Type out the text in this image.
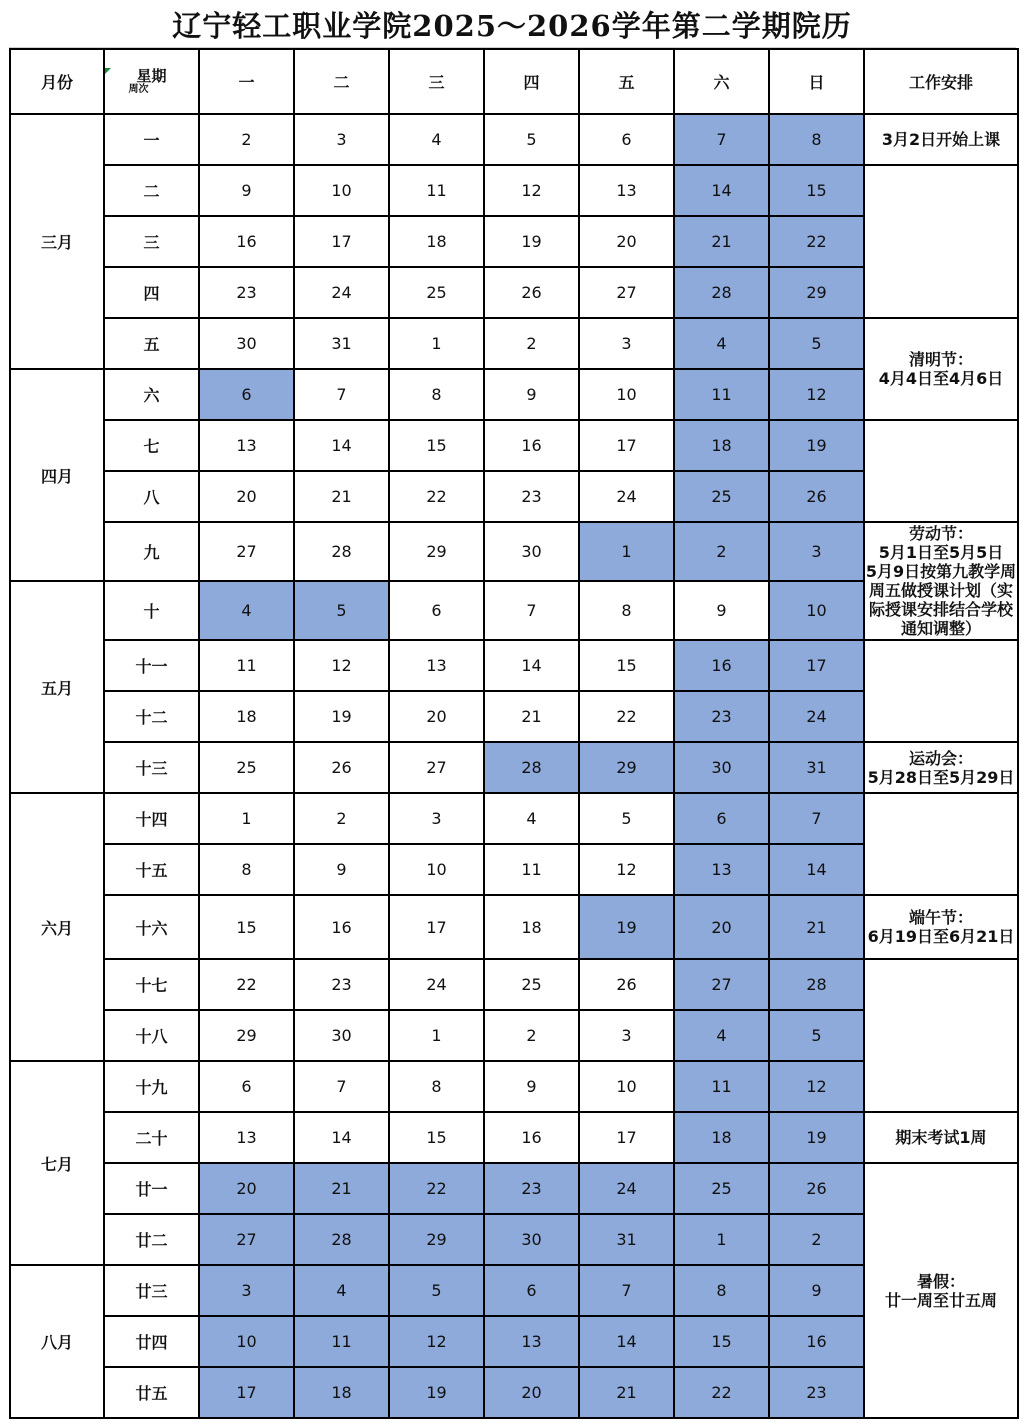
辽宁轻工职业学院2025～2026学年第二学期院历
月份	星期
周次	一	二	三	四	五	六	日	工作安排
三月	一	2	3	4	5	6	7	8	3月2日开始上课
	二	9	10	11	12	13	14	15	
	三	16	17	18	19	20	21	22	
	四	23	24	25	26	27	28	29	
	五	30	31	1	2	3	4	5	清明节：
4月4日至4月6日
四月	六	6	7	8	9	10	11	12	
	七	13	14	15	16	17	18	19	
	八	20	21	22	23	24	25	26	
	九	27	28	29	30	1	2	3	劳动节：
5月1日至5月5日
5月9日按第九教学周周五做授课计划（实际授课安排结合学校通知调整）
五月	十	4	5	6	7	8	9	10	
	十一	11	12	13	14	15	16	17	
	十二	18	19	20	21	22	23	24	
	十三	25	26	27	28	29	30	31	运动会：
5月28日至5月29日
六月	十四	1	2	3	4	5	6	7	
	十五	8	9	10	11	12	13	14	
	十六	15	16	17	18	19	20	21	端午节：
6月19日至6月21日
	十七	22	23	24	25	26	27	28	
	十八	29	30	1	2	3	4	5	
七月	十九	6	7	8	9	10	11	12	
	二十	13	14	15	16	17	18	19	期末考试1周
	廿一	20	21	22	23	24	25	26	暑假：
廿一周至廿五周
	廿二	27	28	29	30	31	1	2	
八月	廿三	3	4	5	6	7	8	9	
	廿四	10	11	12	13	14	15	16	
	廿五	17	18	19	20	21	22	23	
